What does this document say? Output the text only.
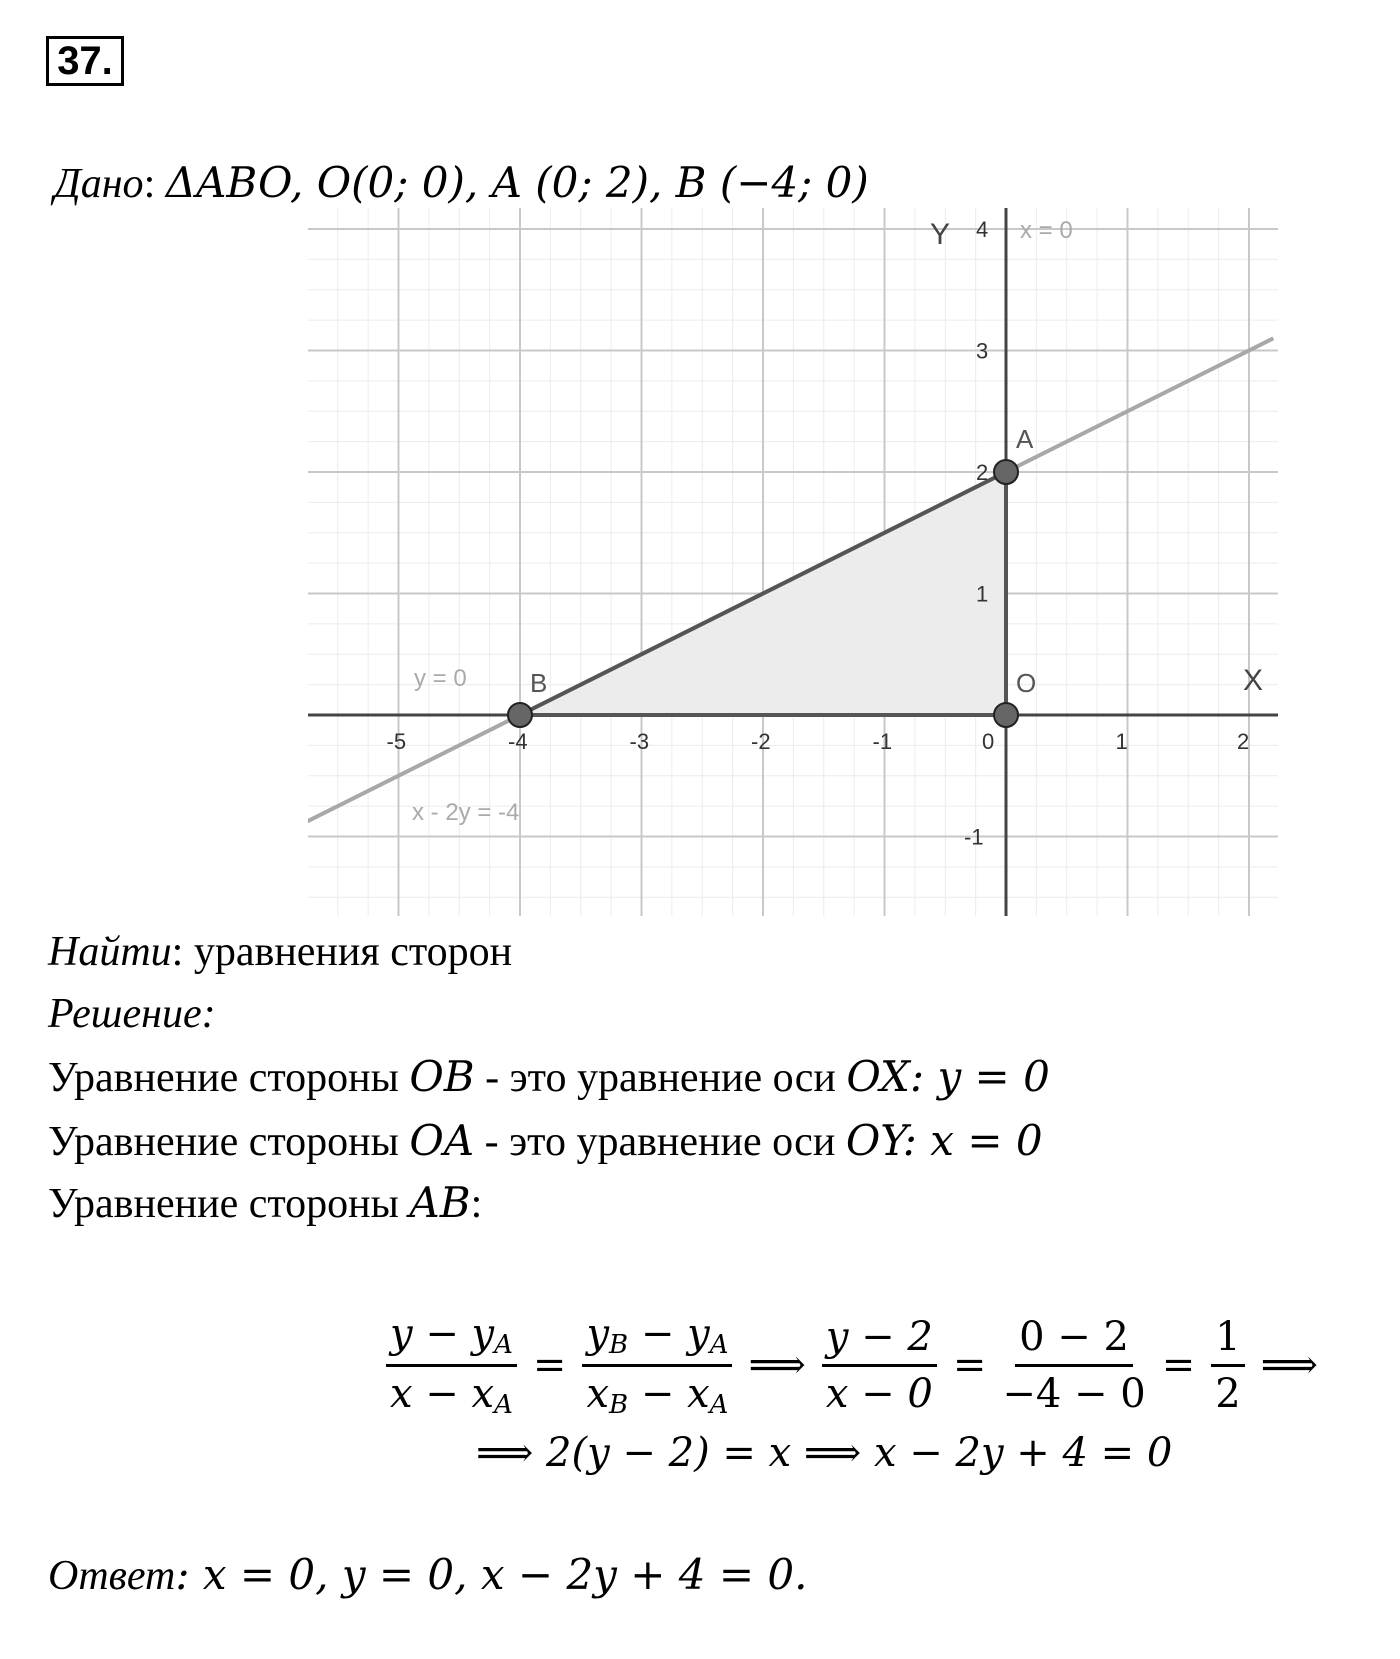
37.
Дано: ΔABO, O(0; 0), A (0; 2), B (−4; 0)
-5	-4	-3	-2	-1	0	1	2
4
3
2
1
-1
A
B	O	X
Y	x = 0
y = 0
x - 2y = -4
Найти: уравнения сторон
Решение:
Уравнение стороны OB - это уравнение оси OX: y = 0
Уравнение стороны OA - это уравнение оси OY: x = 0
Уравнение стороны AB:
$\frac{y - y_A}{x - x_A} = \frac{y_B - y_A}{x_B - x_A}$ ⟹ $\frac{y - 2}{x - 0} = \frac{0 - 2}{-4 - 0} = \frac{1}{2}$ ⟹
⟹ 2(y − 2) = x ⟹ x − 2y + 4 = 0
Ответ: x = 0, y = 0, x − 2y + 4 = 0.
